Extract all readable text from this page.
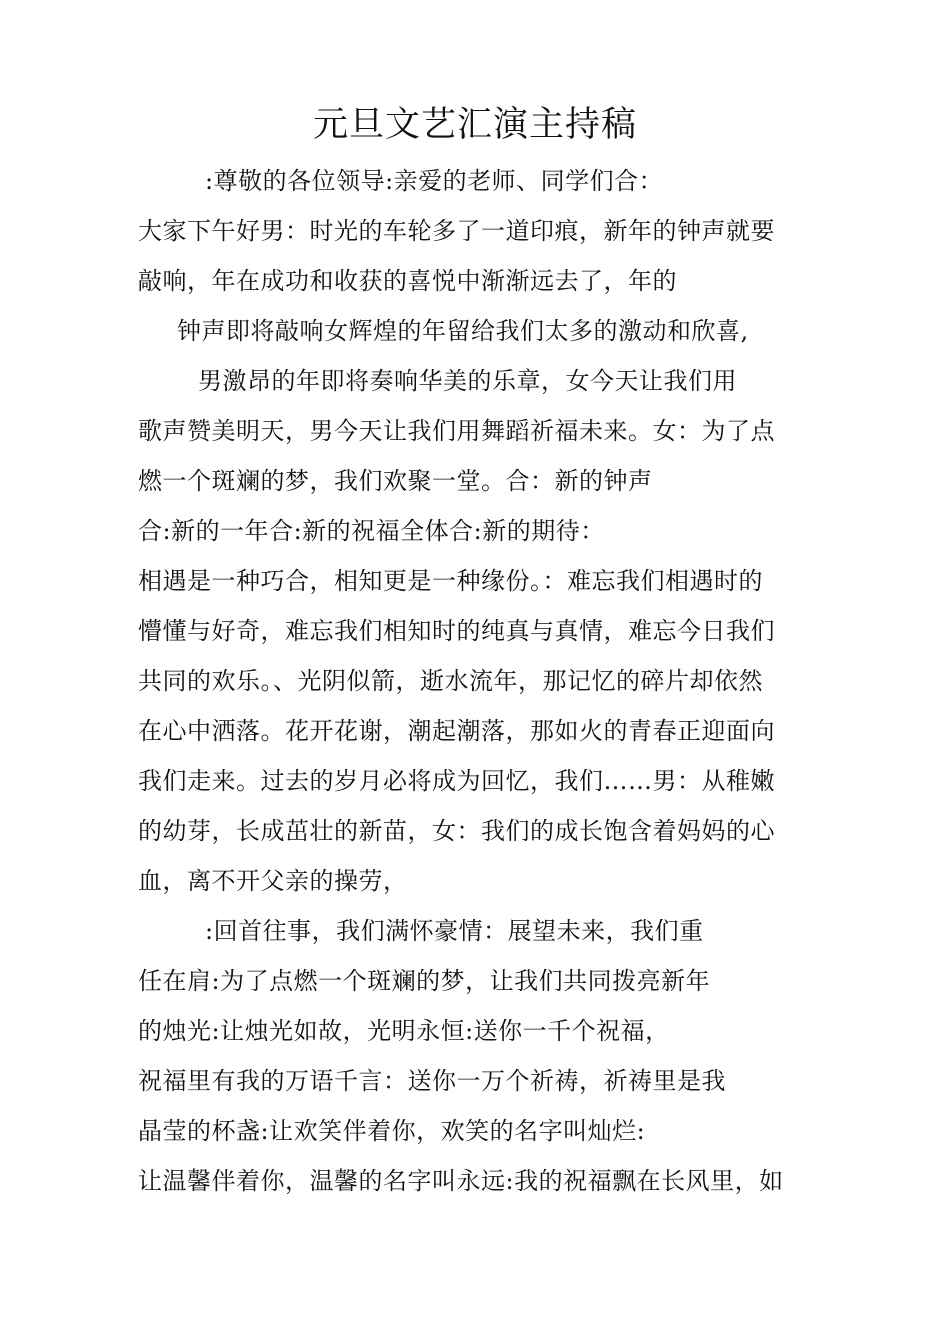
元旦文艺汇演主持稿

:尊敬的各位领导:亲爱的老师、同学们合：

大家下午好男：时光的车轮多了一道印痕，新年的钟声就要

敲响，年在成功和收获的喜悦中渐渐远去了，年的

钟声即将敲响女辉煌的年留给我们太多的激动和欣喜,

男激昂的年即将奏响华美的乐章，女今天让我们用

歌声赞美明天，男今天让我们用舞蹈祈福未来。女：为了点

燃一个斑斓的梦，我们欢聚一堂。合：新的钟声

合:新的一年合:新的祝福全体合:新的期待：

相遇是一种巧合，相知更是一种缘份。：难忘我们相遇时的

懵懂与好奇，难忘我们相知时的纯真与真情，难忘今日我们

共同的欢乐。、光阴似箭，逝水流年，那记忆的碎片却依然

在心中洒落。花开花谢，潮起潮落，那如火的青春正迎面向

我们走来。过去的岁月必将成为回忆，我们……男：从稚嫩

的幼芽，长成茁壮的新苗，女：我们的成长饱含着妈妈的心

血，离不开父亲的操劳，

:回首往事，我们满怀豪情：展望未来，我们重

任在肩:为了点燃一个斑斓的梦，让我们共同拨亮新年

的烛光:让烛光如故，光明永恒:送你一千个祝福，

祝福里有我的万语千言：送你一万个祈祷，祈祷里是我

晶莹的杯盏:让欢笑伴着你，欢笑的名字叫灿烂:

让温馨伴着你，温馨的名字叫永远:我的祝福飘在长风里，如
